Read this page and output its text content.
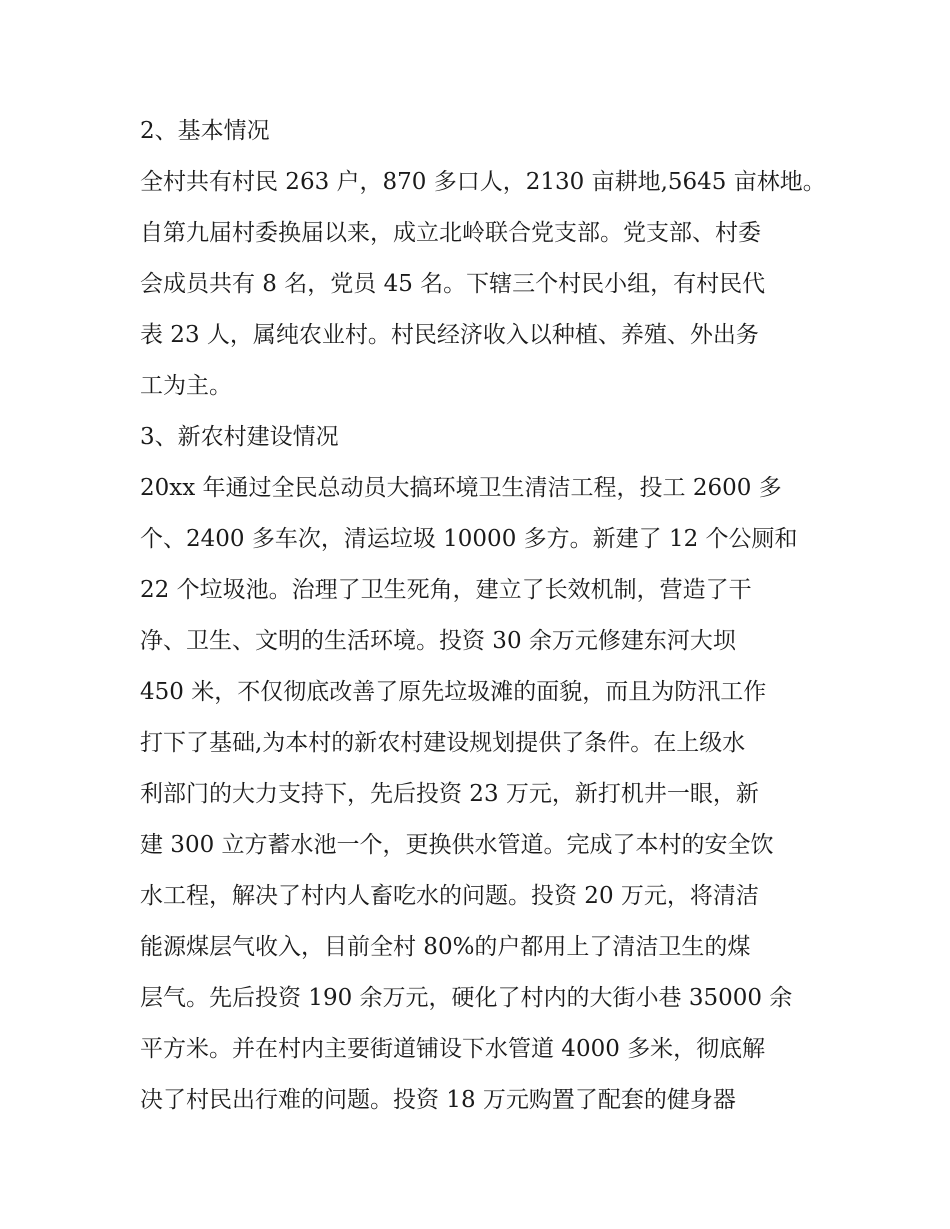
2、基本情况
全村共有村民 263 户，870 多口人，2130 亩耕地,5645 亩林地。
自第九届村委换届以来，成立北岭联合党支部。党支部、村委
会成员共有 8 名，党员 45 名。下辖三个村民小组，有村民代
表 23 人，属纯农业村。村民经济收入以种植、养殖、外出务
工为主。
3、新农村建设情况
20xx 年通过全民总动员大搞环境卫生清洁工程，投工 2600 多
个、2400 多车次，清运垃圾 10000 多方。新建了 12 个公厕和
22 个垃圾池。治理了卫生死角，建立了长效机制，营造了干
净、卫生、文明的生活环境。投资 30 余万元修建东河大坝
450 米，不仅彻底改善了原先垃圾滩的面貌，而且为防汛工作
打下了基础,为本村的新农村建设规划提供了条件。在上级水
利部门的大力支持下，先后投资 23 万元，新打机井一眼，新
建 300 立方蓄水池一个，更换供水管道。完成了本村的安全饮
水工程，解决了村内人畜吃水的问题。投资 20 万元，将清洁
能源煤层气收入，目前全村 80%的户都用上了清洁卫生的煤
层气。先后投资 190 余万元，硬化了村内的大街小巷 35000 余
平方米。并在村内主要街道铺设下水管道 4000 多米，彻底解
决了村民出行难的问题。投资 18 万元购置了配套的健身器
